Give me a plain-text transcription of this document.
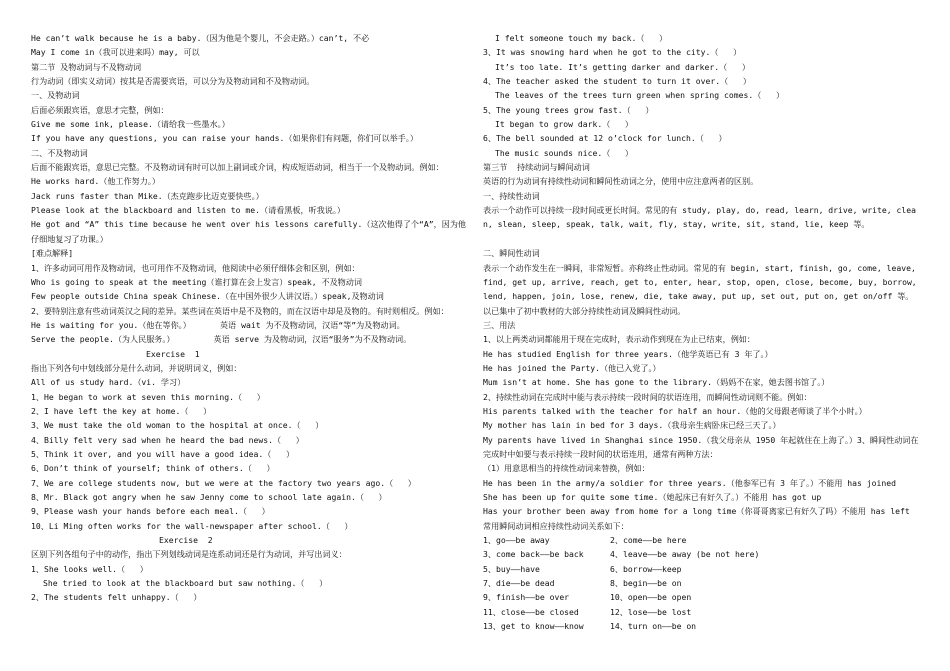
He can’t walk because he is a baby.（因为他是个婴儿，不会走路。）can’t, 不必
May I come in（我可以进来吗）may, 可以
第二节 及物动词与不及物动词
行为动词（即实义动词）按其是否需要宾语，可以分为及物动词和不及物动词。
一、及物动词
后面必须跟宾语，意思才完整，例如：
Give me some ink, please.（请给我一些墨水。）
If you have any questions, you can raise your hands.（如果你们有问题，你们可以举手。）
二、不及物动词
后面不能跟宾语，意思已完整。不及物动词有时可以加上副词或介词，构成短语动词，相当于一个及物动词。例如：
He works hard.（他工作努力。）
Jack runs faster than Mike.（杰克跑步比迈克要快些。）
Please look at the blackboard and listen to me.（请看黑板，听我说。）
He got and “A” this time because he went over his lessons carefully.（这次他得了个“A”，因为他仔细地复习了功课。）
[难点解释]
1、许多动词可用作及物动词，也可用作不及物动词，他阅读中必须仔细体会和区别，例如：
Who is going to speak at the meeting（谁打算在会上发言）speak, 不及物动词
Few people outside China speak Chinese.（在中国外很少人讲汉语。）speak,及物动词
2、要特别注意有些动词英汉之间的差异。某些词在英语中是不及物的，而在汉语中却是及物的。有时则相反。例如：
He is waiting for you.（他在等你。）      英语 wait 为不及物动词，汉语“等”为及物动词。
Serve the people.（为人民服务。）        英语 serve 为及物动词，汉语“服务”为不及物动词。
Exercise  1
指出下列各句中划线部分是什么动词，并说明词义，例如：
All of us study hard.（vi. 学习）
1、He began to work at seven this morning.（   ）
2、I have left the key at home.（   ）
3、We must take the old woman to the hospital at once.（   ）
4、Billy felt very sad when he heard the bad news.（   ）
5、Think it over, and you will have a good idea.（   ）
6、Don’t think of yourself; think of others.（   ）
7、We are college students now, but we were at the factory two years ago.（   ）
8、Mr. Black got angry when he saw Jenny come to school late again.（   ）
9、Please wash your hands before each meal.（   ）
10、Li Ming often works for the wall-newspaper after school.（   ）
Exercise  2
区别下列各组句子中的动作，指出下列划线动词是连系动词还是行为动词，并写出词义：
1、She looks well.（   ）
She tried to look at the blackboard but saw nothing.（   ）
2、The students felt unhappy.（   ）
I felt someone touch my back.（   ）
3、It was snowing hard when he got to the city.（   ）
It’s too late. It’s getting darker and darker.（   ）
4、The teacher asked the student to turn it over.（   ）
The leaves of the trees turn green when spring comes.（   ）
5、The young trees grow fast.（   ）
It began to grow dark.（   ）
6、The bell sounded at 12 o’clock for lunch.（   ）
The music sounds nice.（   ）
第三节  持续动词与瞬间动词
英语的行为动词有持续性动词和瞬间性动词之分，使用中应注意两者的区别。
一、持续性动词
表示一个动作可以持续一段时间或更长时间。常见的有 study, play, do, read, learn, drive, write, clean, slean, sleep, speak, talk, wait, fly, stay, write, sit, stand, lie, keep 等。
二、瞬间性动词
表示一个动作发生在一瞬间，非常短暂。亦称终止性动词。常见的有 begin, start, finish, go, come, leave, find, get up, arrive, reach, get to, enter, hear, stop, open, close, become, buy, borrow, lend, happen, join, lose, renew, die, take away, put up, set out, put on, get on/off 等。以已集中了初中教材的大部分持续性动词及瞬间性动词。
三、用法
1、以上两类动词都能用于现在完成时，表示动作到现在为止已结束，例如：
He has studied English for three years.（他学英语已有 3 年了。）
He has joined the Party.（他已入党了。）
Mum isn’t at home. She has gone to the library.（妈妈不在家，她去图书馆了。）
2、持续性动词在完成时中能与表示持续一段时间的状语连用，而瞬间性动词则不能。例如：
His parents talked with the teacher for half an hour.（他的父母跟老师谈了半个小时。）
My mother has lain in bed for 3 days.（我母亲生病卧床已经三天了。）
My parents have lived in Shanghai since 1950.（我父母亲从 1950 年起就住在上海了。）3、瞬间性动词在完成时中如要与表示持续一段时间的状语连用，通常有两种方法：
（1）用意思相当的持续性动词来替换，例如：
He has been in the army/a soldier for three years.（他参军已有 3 年了。）不能用 has joined
She has been up for quite some time.（她起床已有好久了。）不能用 has got up
Has your brother been away from home for a long time（你哥哥离家已有好久了吗）不能用 has left
常用瞬间动词相应持续性动词关系如下：
1、go——be away	2、come——be here
3、come back——be back	4、leave——be away (be not here)
5、buy——have	6、borrow——keep
7、die——be dead	8、begin——be on
9、finish——be over	10、open——be open
11、close——be closed	12、lose——be lost
13、get to know——know	14、turn on——be on
